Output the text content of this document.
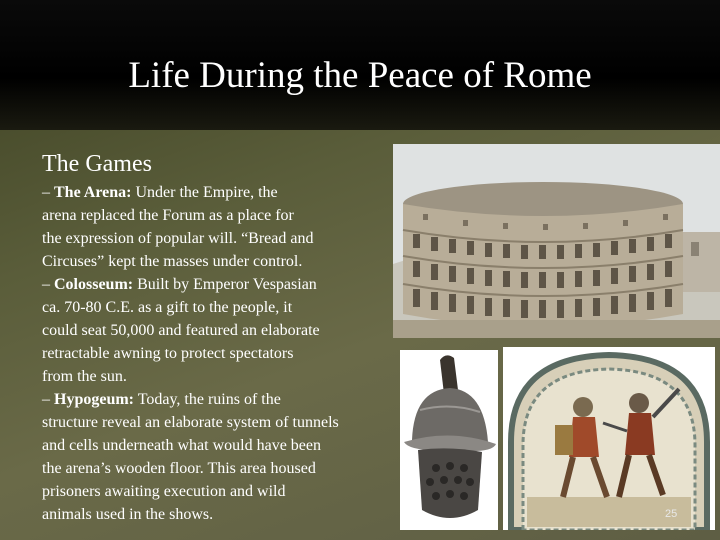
Life During the Peace of Rome
The Games
– The Arena: Under the Empire, the
arena replaced the Forum as a place for
the expression of popular will. “Bread and
Circuses” kept the masses under control.
– Colosseum: Built by Emperor Vespasian
ca. 70-80 C.E. as a gift to the people, it
could seat 50,000 and featured an elaborate
retractable awning to protect spectators
from the sun.
– Hypogeum: Today, the ruins of the
structure reveal an elaborate system of tunnels
and cells underneath what would have been
the arena’s wooden floor. This area housed
prisoners awaiting execution and wild
animals used in the shows.	25
